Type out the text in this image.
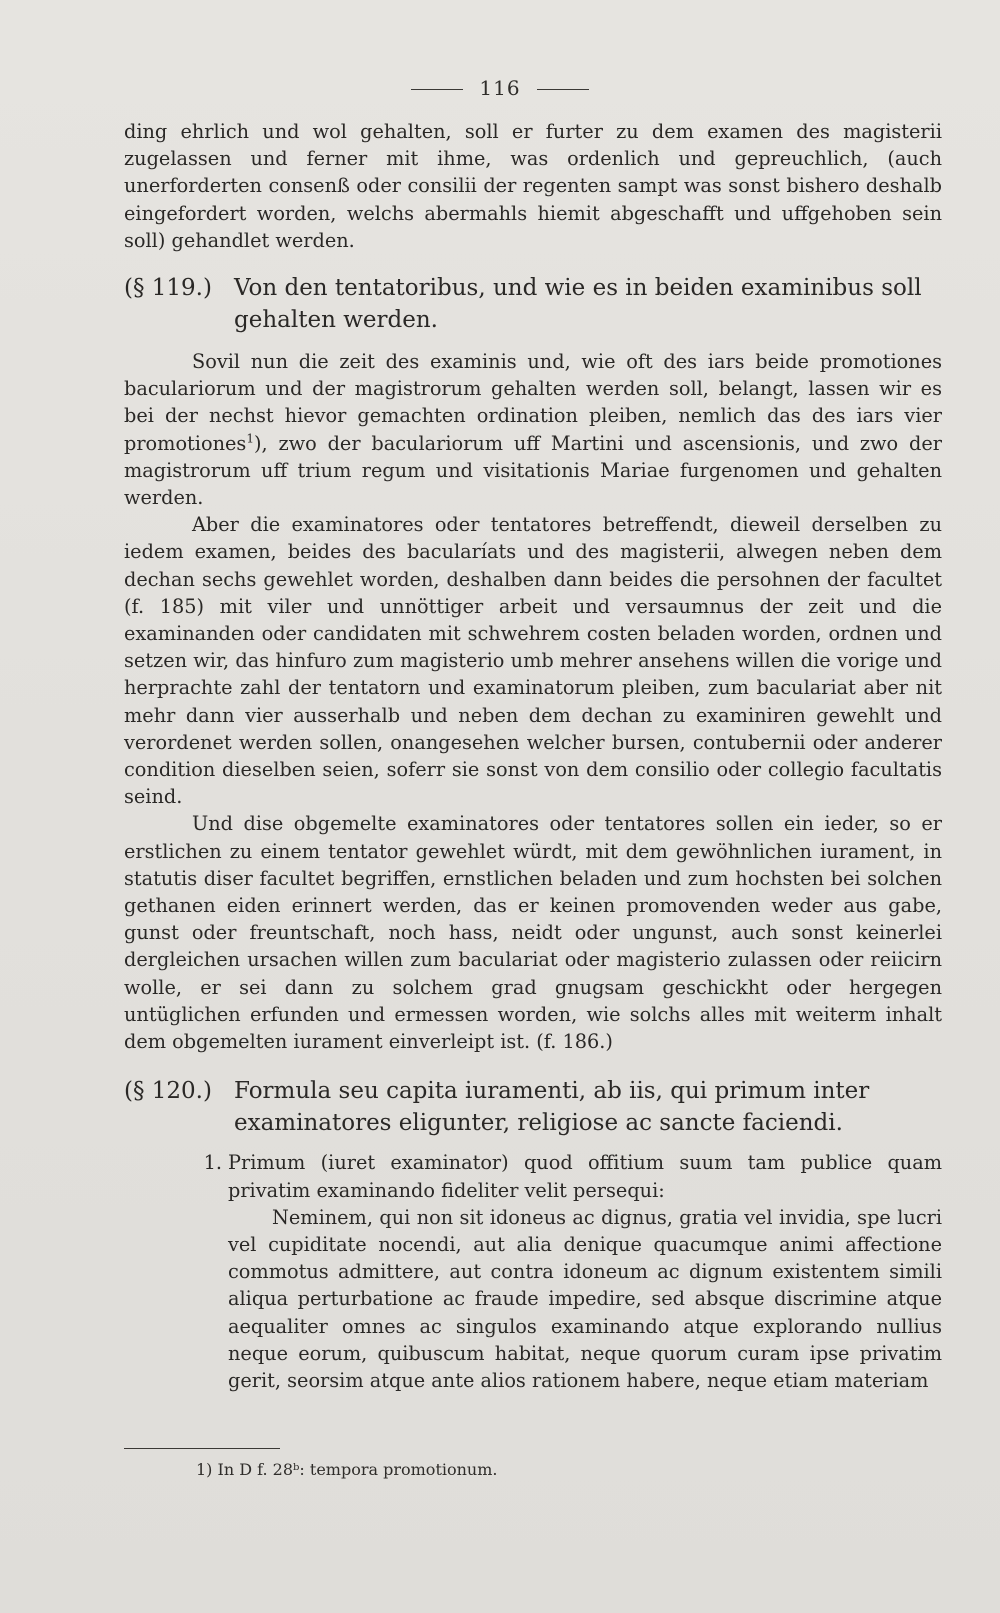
116

ding ehrlich und wol gehalten, soll er furter zu dem examen des magisterii zugelassen und ferner mit ihme, was ordenlich und gepreuchlich, (auch unerforderten consenß oder consilii der regenten sampt was sonst bishero deshalb eingefordert worden, welchs abermahls hiemit abgeschafft und uffgehoben sein soll) gehandlet werden.

(§ 119.) Von den tentatoribus, und wie es in beiden examinibus soll gehalten werden.

Sovil nun die zeit des examinis und, wie oft des iars beide promotiones baculariorum und der magistrorum gehalten werden soll, belangt, lassen wir es bei der nechst hievor gemachten ordination pleiben, nemlich das des iars vier promotiones$^1$), zwo der baculariorum uff Martini und ascensionis, und zwo der magistrorum uff trium regum und visitationis Mariae furgenomen und gehalten werden.

Aber die examinatores oder tentatores betreffendt, dieweil derselben zu iedem examen, beides des bacularíats und des magisterii, alwegen neben dem dechan sechs gewehlet worden, deshalben dann beides die persohnen der facultet (f. 185) mit viler und unnöttiger arbeit und versaumnus der zeit und die examinanden oder candidaten mit schwehrem costen beladen worden, ordnen und setzen wir, das hinfuro zum magisterio umb mehrer ansehens willen die vorige und herprachte zahl der tentatorn und examinatorum pleiben, zum baculariat aber nit mehr dann vier ausserhalb und neben dem dechan zu examiniren gewehlt und verordenet werden sollen, onangesehen welcher bursen, contubernii oder anderer condition dieselben seien, soferr sie sonst von dem consilio oder collegio facultatis seind.

Und dise obgemelte examinatores oder tentatores sollen ein ieder, so er erstlichen zu einem tentator gewehlet würdt, mit dem gewöhnlichen iurament, in statutis diser facultet begriffen, ernstlichen beladen und zum hochsten bei solchen gethanen eiden erinnert werden, das er keinen promovenden weder aus gabe, gunst oder freuntschaft, noch hass, neidt oder ungunst, auch sonst keinerlei dergleichen ursachen willen zum baculariat oder magisterio zulassen oder reiicirn wolle, er sei dann zu solchem grad gnugsam geschickht oder hergegen untüglichen erfunden und ermessen worden, wie solchs alles mit weiterm inhalt dem obgemelten iurament einverleipt ist. (f. 186.)

(§ 120.) Formula seu capita iuramenti, ab iis, qui primum inter examinatores eligunter, religiose ac sancte faciendi.
1. Primum (iuret examinator) quod offitium suum tam publice quam privatim examinando fideliter velit persequi:

Neminem, qui non sit idoneus ac dignus, gratia vel invidia, spe lucri vel cupiditate nocendi, aut alia denique quacumque animi affectione commotus admittere, aut contra idoneum ac dignum existentem simili aliqua perturbatione ac fraude impedire, sed absque discrimine atque aequaliter omnes ac singulos examinando atque explorando nullius neque eorum, quibuscum habitat, neque quorum curam ipse privatim gerit, seorsim atque ante alios rationem habere, neque etiam materiam

1) In D f. 28ᵇ: tempora promotionum.
